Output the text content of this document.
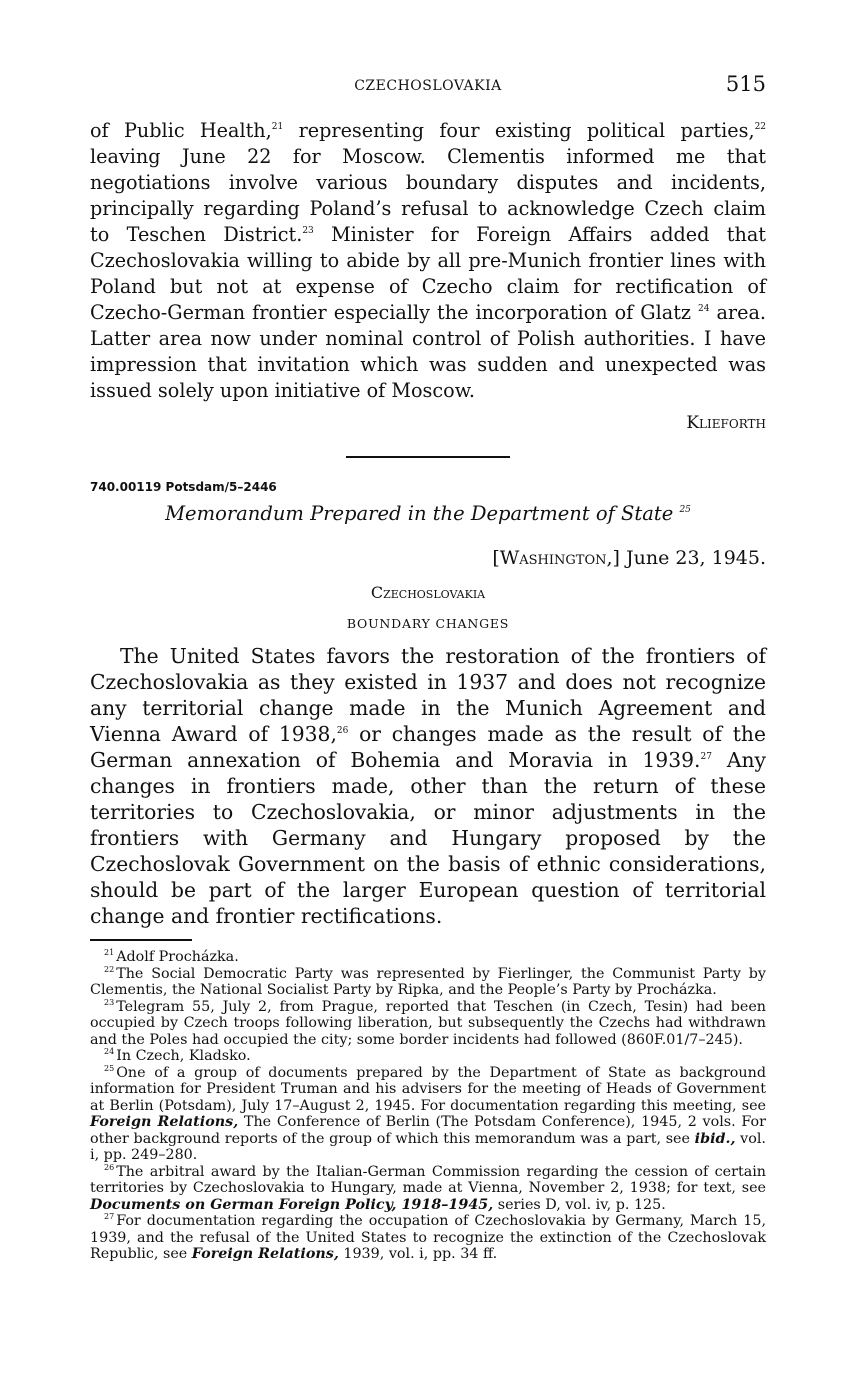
CZECHOSLOVAKIA	515

of Public Health,$^{21}$ representing four existing political parties,$^{22}$ leaving June 22 for Moscow. Clementis informed me that negotiations involve various boundary disputes and incidents, principally regarding Poland’s refusal to acknowledge Czech claim to Teschen District.$^{23}$ Minister for Foreign Affairs added that Czechoslovakia willing to abide by all pre-Munich frontier lines with Poland but not at expense of Czecho claim for rectification of Czecho-German frontier especially the incorporation of Glatz $^{24}$ area. Latter area now under nominal control of Polish authorities. I have impression that invitation which was sudden and unexpected was issued solely upon initiative of Moscow.

Klieforth
740.00119 Potsdam/5–2446
Memorandum Prepared in the Department of State $^{25}$
[Washington,] June 23, 1945.
Czechoslovakia
BOUNDARY CHANGES
The United States favors the restoration of the frontiers of Czechoslovakia as they existed in 1937 and does not recognize any territorial change made in the Munich Agreement and Vienna Award of 1938,26 or changes made as the result of the German annexation of Bohemia and Moravia in 1939.27 Any changes in frontiers made, other than the return of these territories to Czechoslovakia, or minor adjustments in the frontiers with Germany and Hungary proposed by the Czechoslovak Government on the basis of ethnic considerations, should be part of the larger European question of territorial change and frontier rectifications.

$^{21}$ Adolf Procházka.

$^{22}$ The Social Democratic Party was represented by Fierlinger, the Communist Party by Clementis, the National Socialist Party by Ripka, and the People’s Party by Procházka.

$^{23}$ Telegram 55, July 2, from Prague, reported that Teschen (in Czech, Tesin) had been occupied by Czech troops following liberation, but subsequently the Czechs had withdrawn and the Poles had occupied the city; some border incidents had followed (860F.01/7–245).

$^{24}$ In Czech, Kladsko.

$^{25}$ One of a group of documents prepared by the Department of State as background information for President Truman and his advisers for the meeting of Heads of Government at Berlin (Potsdam), July 17–August 2, 1945. For documentation regarding this meeting, see Foreign Relations, The Conference of Berlin (The Potsdam Conference), 1945, 2 vols. For other background reports of the group of which this memorandum was a part, see ibid., vol. i, pp. 249–280.

$^{26}$ The arbitral award by the Italian-German Commission regarding the cession of certain territories by Czechoslovakia to Hungary, made at Vienna, November 2, 1938; for text, see Documents on German Foreign Policy, 1918–1945, series D, vol. iv, p. 125.

$^{27}$ For documentation regarding the occupation of Czechoslovakia by Germany, March 15, 1939, and the refusal of the United States to recognize the extinction of the Czechoslovak Republic, see Foreign Relations, 1939, vol. i, pp. 34 ff.
